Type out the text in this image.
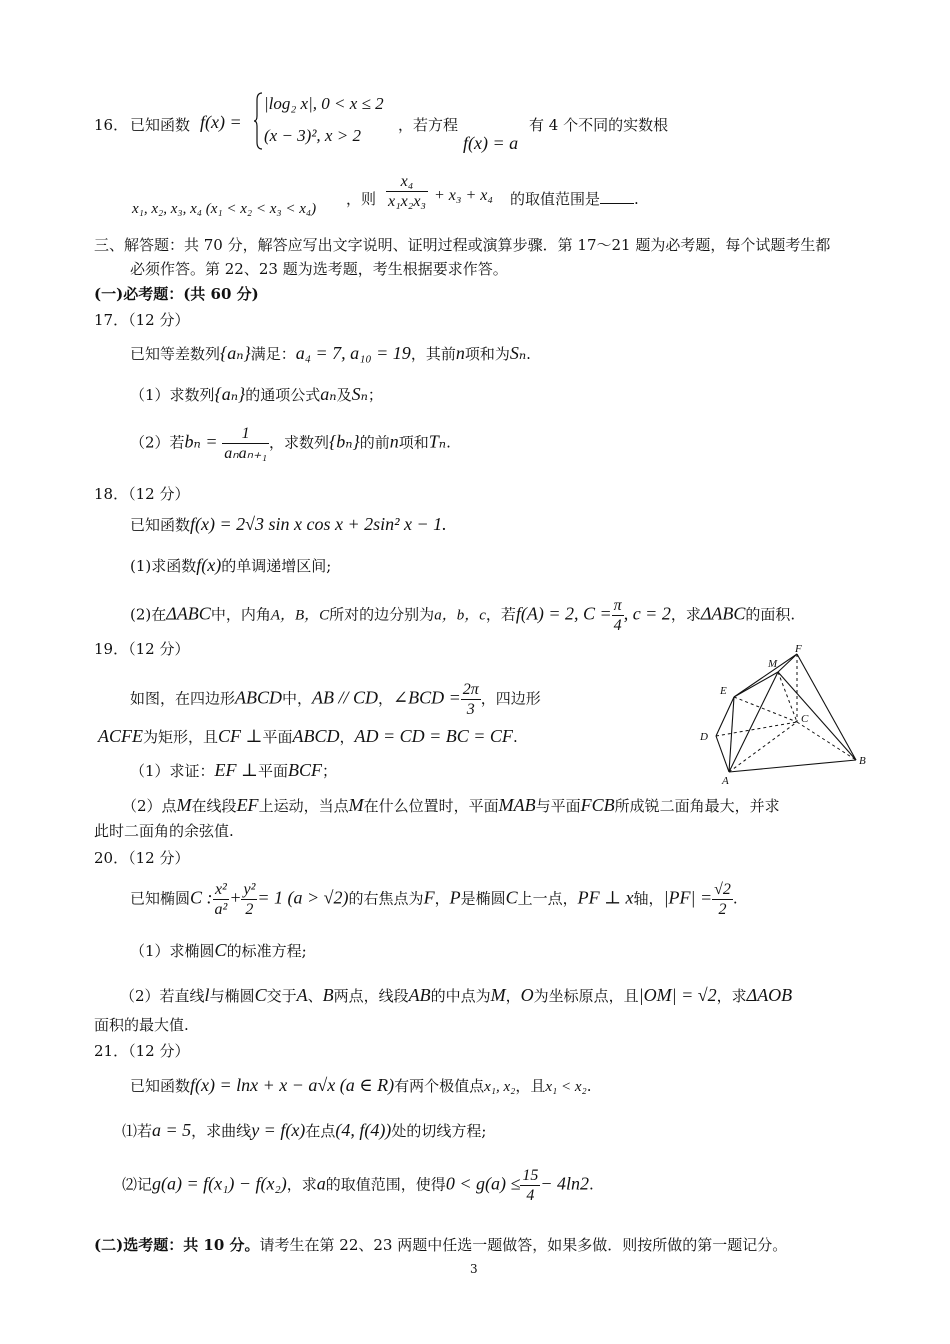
16． 已知函数 f(x) =
|log₂ x|, 0 < x ≤ 2
(x − 3)², x > 2
，若方程
f(x) = a
有 4 个不同的实数根
x₁, x₂, x₃, x₄ (x₁ < x₂ < x₃ < x₄)
，则 $\frac{\text{x₄}}{\text{x₁x₂x₃}} + x_3 + x_4$ 的取值范围是 .
三、解答题：共 70 分，解答应写出文字说明、证明过程或演算步骤．第 17～21 题为必考题，每个试题考生都
必须作答。第 22、23 题为选考题，考生根据要求作答。
(一)必考题：(共 60 分)
17．（12 分）
已知等差数列{aₙ}满足：a₄ = 7, a₁₀ = 19，其前n项和为Sₙ.
（1）求数列{aₙ}的通项公式aₙ及Sₙ；
（2）若$b_n = \frac{1}{\text{aₙaₙ₊₁}}$ ，求数列{bₙ}的前n项和Tₙ.
18．（12 分）
已知函数f(x) = 2√3 sin x cos x + 2sin² x − 1.
(1)求函数f(x)的单调递增区间;
(2)在ΔABC中，内角A，B，C所对的边分别为a，b，c，若f(A) = 2, $C = \frac{\pi}{4}$ , c = 2，求ΔABC的面积.
19．（12 分）
如图，在四边形ABCD中，AB // CD，∠BCD = $\frac{2\pi}{3}$ ，四边形
ACFE为矩形，且CF ⊥平面ABCD，AD = CD = BC = CF.
（1）求证：EF ⊥平面BCF；
（2）点M在线段EF上运动，当点M在什么位置时，平面MAB与平面FCB所成锐二面角最大，并求
此时二面角的余弦值.
F
M
E
C
D
A
B
20．（12 分）
已知椭圆C : $\frac{\text{x²}}{\text{a²}} + \frac{\text{y²}}{2} = 1$ (a > √2)的右焦点为F，P是椭圆C上一点，PF ⊥ x轴，$|PF| = \frac{√2}{2}$ .
（1）求椭圆C的标准方程;
（2）若直线l与椭圆C交于A、B两点，线段AB的中点为M，O为坐标原点，且|OM| = √2，求ΔAOB
面积的最大值.
21．（12 分）
已知函数f(x) = lnx + x − a√x (a ∈ R)有两个极值点x₁, x₂，且x₁ < x₂.
⑴若a = 5，求曲线y = f(x)在点(4, f(4))处的切线方程;
⑵记g(a) = f(x₁) − f(x₂)，求a的取值范围，使得$0 < g(a) \le \frac{15}{4} - 4\ln 2$.
(二)选考题：共 10 分。请考生在第 22、23 两题中任选一题做答，如果多做．则按所做的第一题记分。
3
